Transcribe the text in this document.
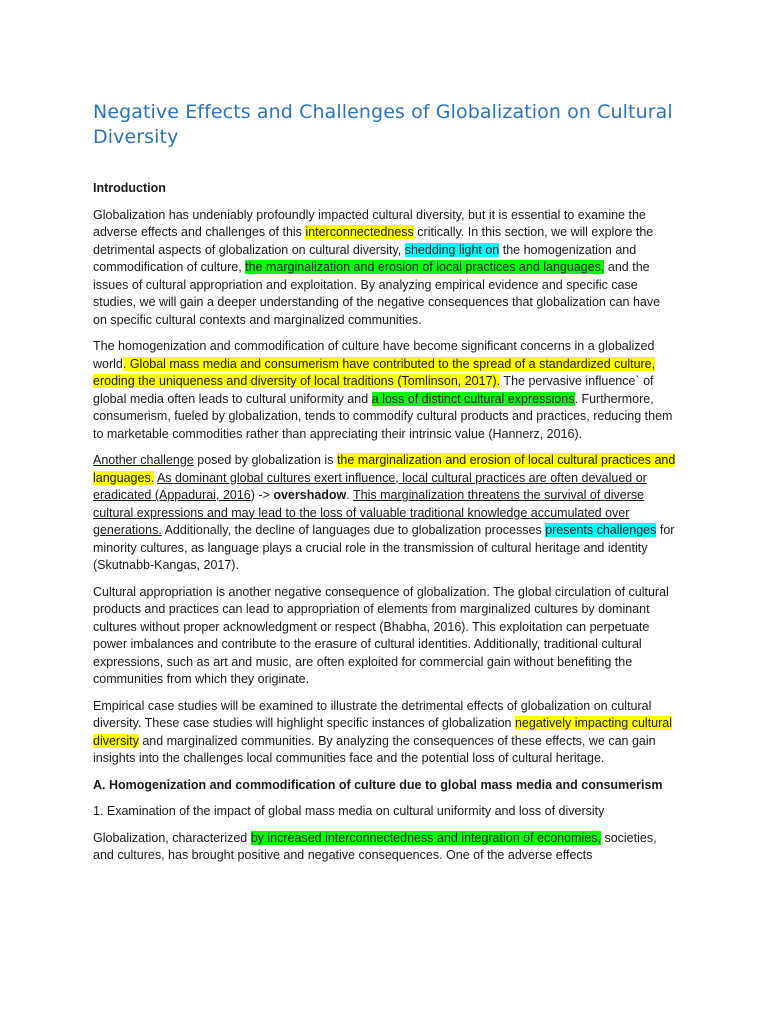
Negative Effects and Challenges of Globalization on Cultural Diversity
Introduction

Globalization has undeniably profoundly impacted cultural diversity, but it is essential to examine the adverse effects and challenges of this interconnectedness critically. In this section, we will explore the detrimental aspects of globalization on cultural diversity, shedding light on the homogenization and commodification of culture, the marginalization and erosion of local practices and languages, and the issues of cultural appropriation and exploitation. By analyzing empirical evidence and specific case studies, we will gain a deeper understanding of the negative consequences that globalization can have on specific cultural contexts and marginalized communities.

The homogenization and commodification of culture have become significant concerns in a globalized world. Global mass media and consumerism have contributed to the spread of a standardized culture, eroding the uniqueness and diversity of local traditions (Tomlinson, 2017). The pervasive influence` of global media often leads to cultural uniformity and a loss of distinct cultural expressions. Furthermore, consumerism, fueled by globalization, tends to commodify cultural products and practices, reducing them to marketable commodities rather than appreciating their intrinsic value (Hannerz, 2016).

Another challenge posed by globalization is the marginalization and erosion of local cultural practices and languages. As dominant global cultures exert influence, local cultural practices are often devalued or eradicated (Appadurai, 2016) -> overshadow. This marginalization threatens the survival of diverse cultural expressions and may lead to the loss of valuable traditional knowledge accumulated over generations. Additionally, the decline of languages due to globalization processes presents challenges for minority cultures, as language plays a crucial role in the transmission of cultural heritage and identity (Skutnabb-Kangas, 2017).

Cultural appropriation is another negative consequence of globalization. The global circulation of cultural products and practices can lead to appropriation of elements from marginalized cultures by dominant cultures without proper acknowledgment or respect (Bhabha, 2016). This exploitation can perpetuate power imbalances and contribute to the erasure of cultural identities. Additionally, traditional cultural expressions, such as art and music, are often exploited for commercial gain without benefiting the communities from which they originate.

Empirical case studies will be examined to illustrate the detrimental effects of globalization on cultural diversity. These case studies will highlight specific instances of globalization negatively impacting cultural diversity and marginalized communities. By analyzing the consequences of these effects, we can gain insights into the challenges local communities face and the potential loss of cultural heritage.

A. Homogenization and commodification of culture due to global mass media and consumerism

1. Examination of the impact of global mass media on cultural uniformity and loss of diversity

Globalization, characterized by increased interconnectedness and integration of economies, societies, and cultures, has brought positive and negative consequences. One of the adverse effects
